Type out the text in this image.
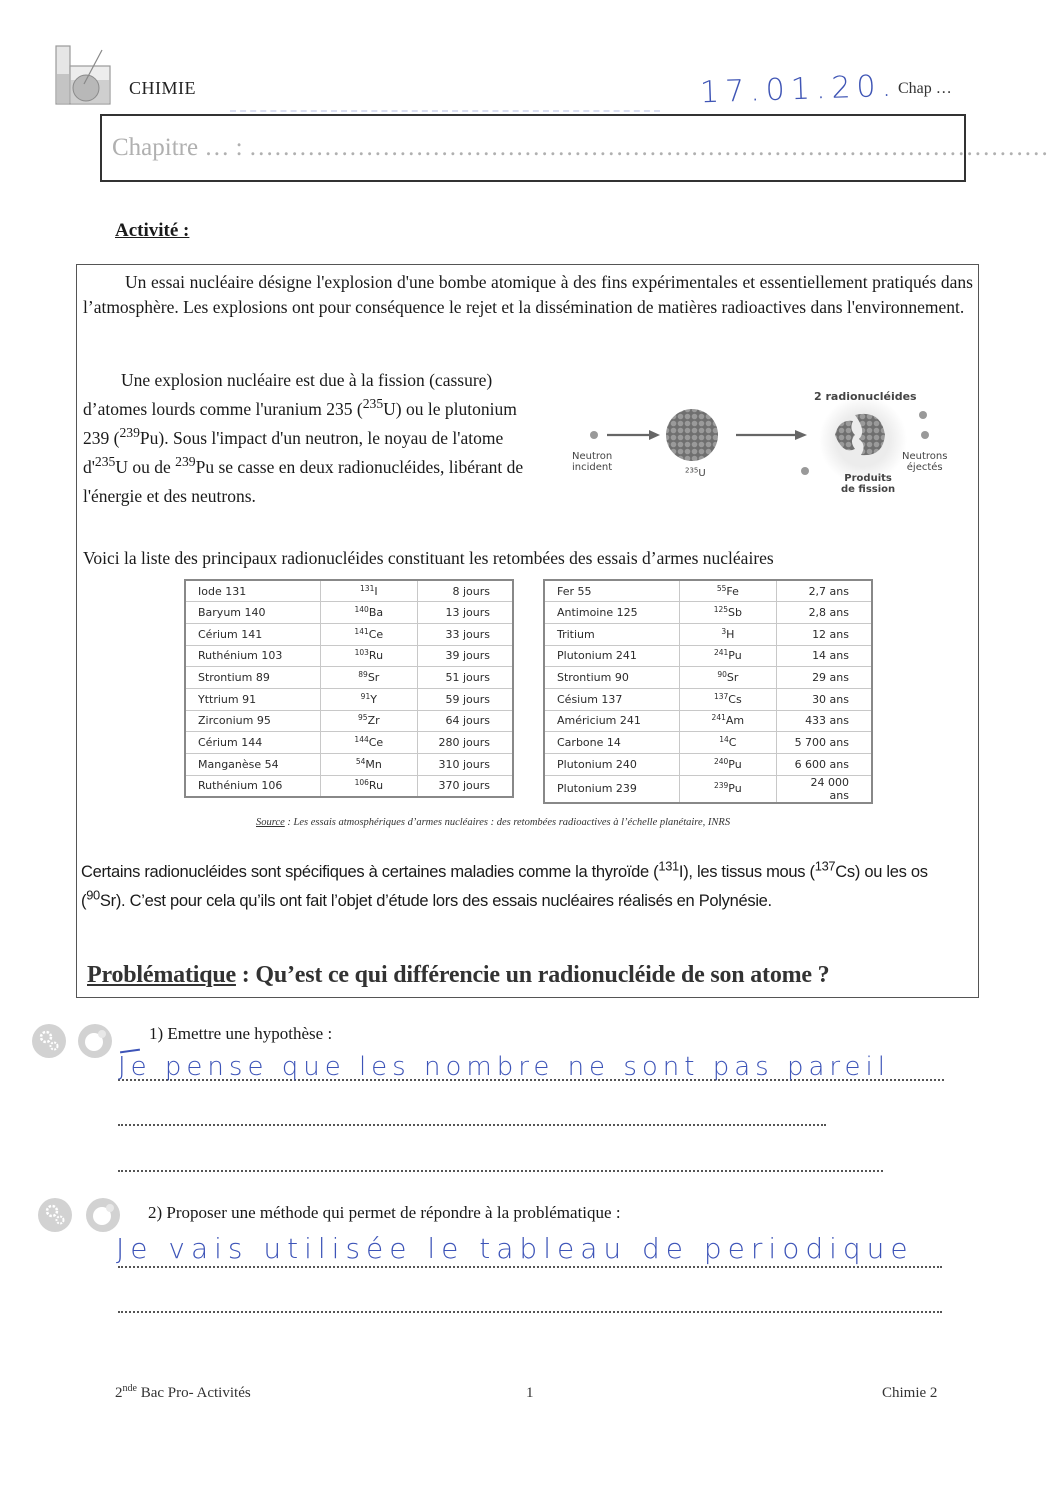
CHIMIE	17.01.20. Chap …
Chapitre … : ……………………………………………………………………………………
Activité :
Un essai nucléaire désigne l'explosion d'une bombe atomique à des fins expérimentales et essentiellement pratiqués dans l’atmosphère. Les explosions ont pour conséquence le rejet et la dissémination de matières radioactives dans l'environnement.
Une explosion nucléaire est due à la fission (cassure) d’atomes lourds comme l'uranium 235 ($^{235}$U) ou le plutonium 239 ($^{239}$Pu). Sous l'impact d'un neutron, le noyau de l'atome $d'^{235}U$ ou de $^{239}$Pu se casse en deux radionucléides, libérant de l'énergie et des neutrons.
Neutron
incident	$^{235}$U
2 radionucléides
Produits
de fission
Neutrons
éjectés
Voici la liste des principaux radionucléides constituant les retombées des essais d’armes nucléaires
Iode 131	$^{131}$I	8 jours
Baryum 140	$^{140}$Ba	13 jours
Cérium 141	$^{141}$Ce	33 jours
Ruthénium 103	$^{103}$Ru	39 jours
Strontium 89	$^{89}$Sr	51 jours
Yttrium 91	$^{91}$Y	59 jours
Zirconium 95	$^{95}$Zr	64 jours
Cérium 144	$^{144}$Ce	280 jours
Manganèse 54	$^{54}$Mn	310 jours
Ruthénium 106	$^{106}$Ru	370 jours
Fer 55	$^{55}$Fe	2,7 ans
Antimoine 125	$^{125}$Sb	2,8 ans
Tritium	$^3$H	12 ans
Plutonium 241	$^{241}$Pu	14 ans
Strontium 90	$^{90}$Sr	29 ans
Césium 137	$^{137}$Cs	30 ans
Américium 241	$^{241}$Am	433 ans
Carbone 14	$^{14}$C	5 700 ans
Plutonium 240	$^{240}$Pu	6 600 ans
Plutonium 239	$^{239}$Pu	24 000 ans
Source : Les essais atmosphériques d’armes nucléaires : des retombées radioactives à l’échelle planétaire, INRS
Certains radionucléides sont spécifiques à certaines maladies comme la thyroïde ($^{131}$I), les tissus mous ($^{137}$Cs) ou les os ($^{90}$Sr). C’est pour cela qu’ils ont fait l’objet d’étude lors des essais nucléaires réalisés en Polynésie.
Problématique : Qu’est ce qui différencie un radionucléide de son atome ?
1) Emettre une hypothèse :
Je pense que les nombre ne sont pas pareil
2) Proposer une méthode qui permet de répondre à la problématique :
Je vais utilisée le tableau de periodique
2nde Bac Pro- Activités	1	Chimie 2
